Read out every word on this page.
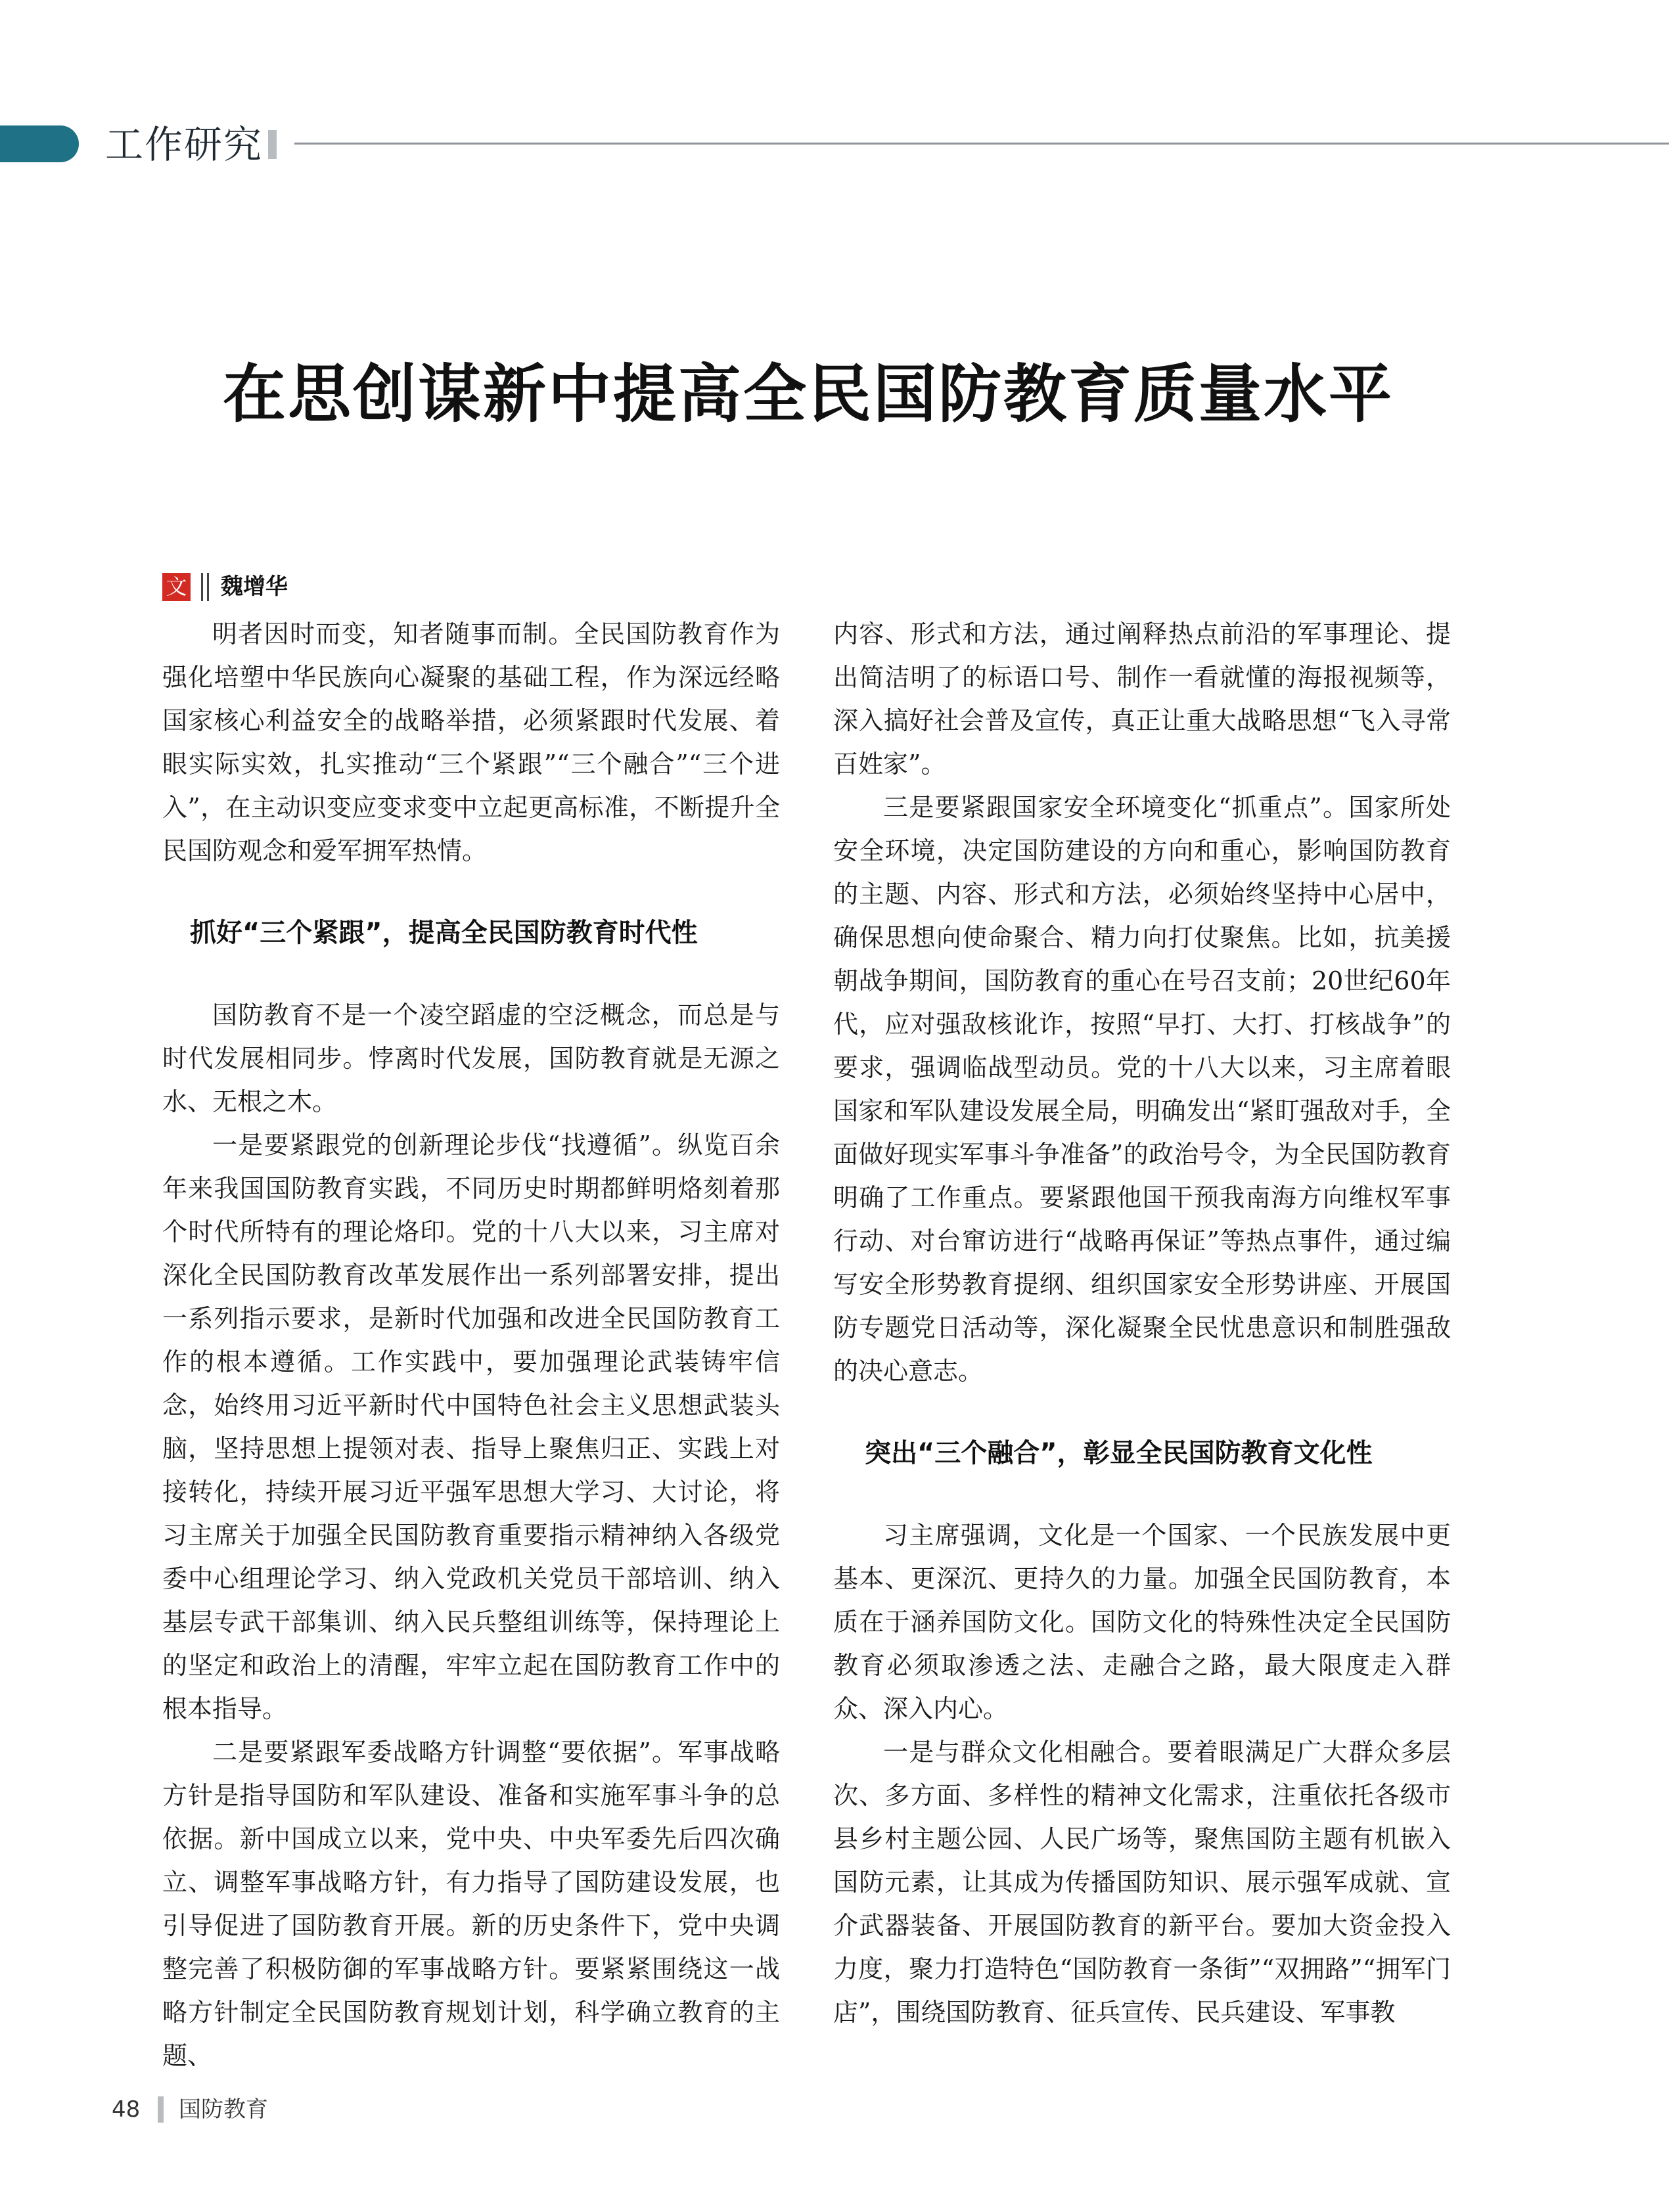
工作研究
在思创谋新中提高全民国防教育质量水平
文 魏增华

明者因时而变，知者随事而制。全民国防教育作为强化培塑中华民族向心凝聚的基础工程，作为深远经略国家核心利益安全的战略举措，必须紧跟时代发展、着眼实际实效，扎实推动“三个紧跟”“三个融合”“三个进入”，在主动识变应变求变中立起更高标准，不断提升全民国防观念和爱军拥军热情。

抓好“三个紧跟”，提高全民国防教育时代性

国防教育不是一个凌空蹈虚的空泛概念，而总是与时代发展相同步。悖离时代发展，国防教育就是无源之水、无根之木。

一是要紧跟党的创新理论步伐“找遵循”。纵览百余年来我国国防教育实践，不同历史时期都鲜明烙刻着那个时代所特有的理论烙印。党的十八大以来，习主席对深化全民国防教育改革发展作出一系列部署安排，提出一系列指示要求，是新时代加强和改进全民国防教育工作的根本遵循。工作实践中，要加强理论武装铸牢信念，始终用习近平新时代中国特色社会主义思想武装头脑，坚持思想上提领对表、指导上聚焦归正、实践上对接转化，持续开展习近平强军思想大学习、大讨论，将习主席关于加强全民国防教育重要指示精神纳入各级党委中心组理论学习、纳入党政机关党员干部培训、纳入基层专武干部集训、纳入民兵整组训练等，保持理论上的坚定和政治上的清醒，牢牢立起在国防教育工作中的根本指导。

二是要紧跟军委战略方针调整“要依据”。军事战略方针是指导国防和军队建设、准备和实施军事斗争的总依据。新中国成立以来，党中央、中央军委先后四次确立、调整军事战略方针，有力指导了国防建设发展，也引导促进了国防教育开展。新的历史条件下，党中央调整完善了积极防御的军事战略方针。要紧紧围绕这一战略方针制定全民国防教育规划计划，科学确立教育的主题、

内容、形式和方法，通过阐释热点前沿的军事理论、提出简洁明了的标语口号、制作一看就懂的海报视频等，深入搞好社会普及宣传，真正让重大战略思想“飞入寻常百姓家”。

三是要紧跟国家安全环境变化“抓重点”。国家所处安全环境，决定国防建设的方向和重心，影响国防教育的主题、内容、形式和方法，必须始终坚持中心居中，确保思想向使命聚合、精力向打仗聚焦。比如，抗美援朝战争期间，国防教育的重心在号召支前；20世纪60年代，应对强敌核讹诈，按照“早打、大打、打核战争”的要求，强调临战型动员。党的十八大以来，习主席着眼国家和军队建设发展全局，明确发出“紧盯强敌对手，全面做好现实军事斗争准备”的政治号令，为全民国防教育明确了工作重点。要紧跟他国干预我南海方向维权军事行动、对台窜访进行“战略再保证”等热点事件，通过编写安全形势教育提纲、组织国家安全形势讲座、开展国防专题党日活动等，深化凝聚全民忧患意识和制胜强敌的决心意志。

突出“三个融合”，彰显全民国防教育文化性

习主席强调，文化是一个国家、一个民族发展中更基本、更深沉、更持久的力量。加强全民国防教育，本质在于涵养国防文化。国防文化的特殊性决定全民国防教育必须取渗透之法、走融合之路，最大限度走入群众、深入内心。

一是与群众文化相融合。要着眼满足广大群众多层次、多方面、多样性的精神文化需求，注重依托各级市县乡村主题公园、人民广场等，聚焦国防主题有机嵌入国防元素，让其成为传播国防知识、展示强军成就、宣介武器装备、开展国防教育的新平台。要加大资金投入力度，聚力打造特色“国防教育一条街”“双拥路”“拥军门店”，围绕国防教育、征兵宣传、民兵建设、军事教

48 国防教育
